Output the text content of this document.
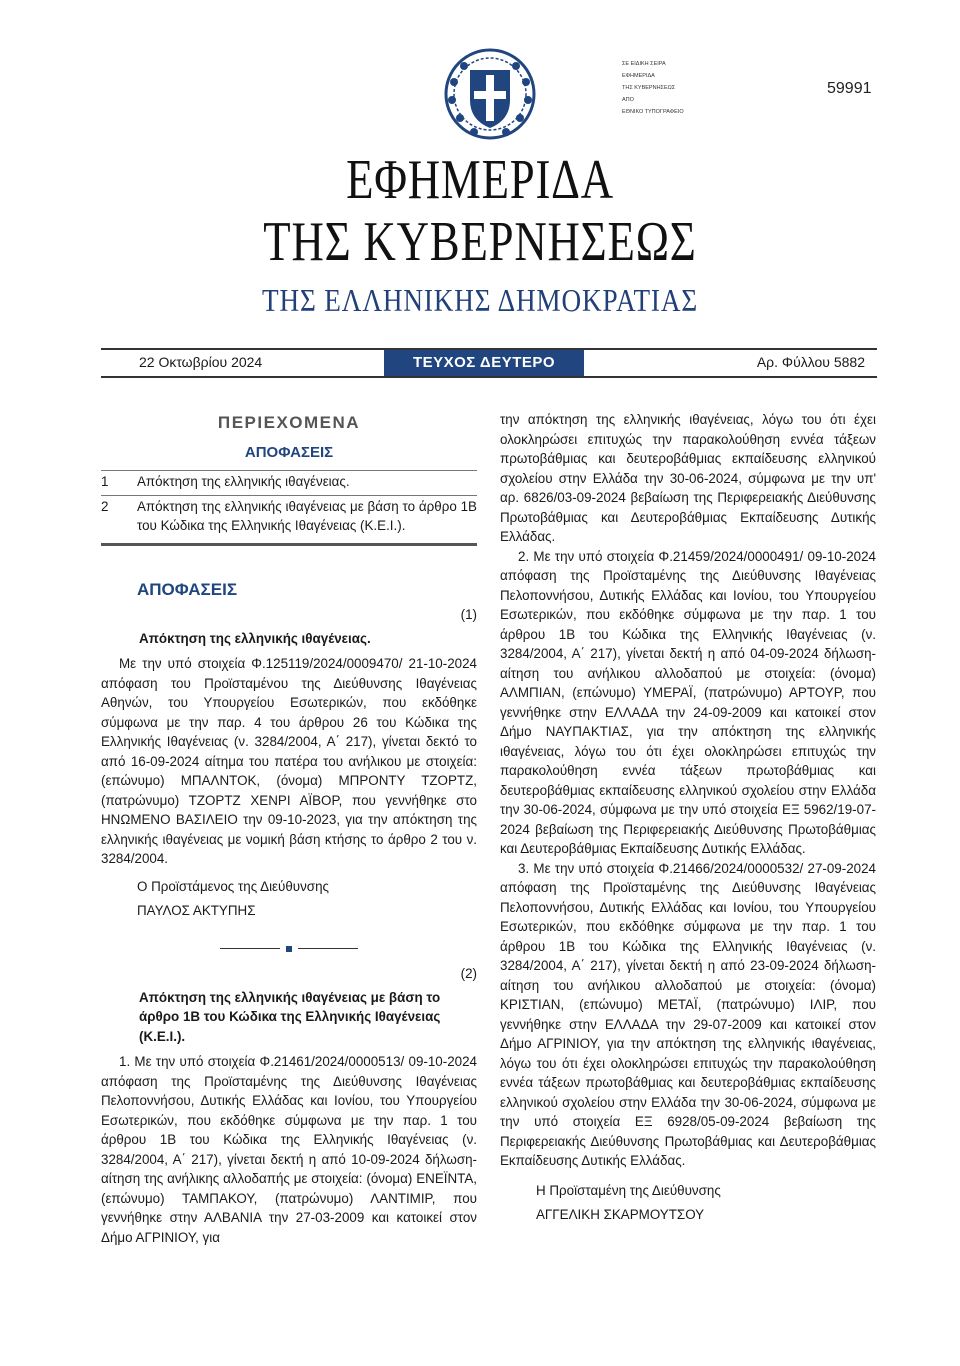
ΣΕ ΕΙΔΙΚΗ ΣΕΙΡΑ
ΕΦΗΜΕΡΙΔΑ
ΤΗΣ ΚΥΒΕΡΝΗΣΕΩΣ
ΑΠΟ
ΕΘΝΙΚΟ ΤΥΠΟΓΡΑΦΕΙΟ
59991
ΕΦΗΜΕΡΙΔΑ
ΤΗΣ ΚΥΒΕΡΝΗΣΕΩΣ
ΤΗΣ ΕΛΛΗΝΙΚΗΣ ΔΗΜΟΚΡΑΤΙΑΣ
22 Οκτωβρίου 2024	ΤΕΥΧΟΣ ΔΕΥΤΕΡΟ	Αρ. Φύλλου 5882
ΠΕΡΙΕΧΟΜΕΝΑ
ΑΠΟΦΑΣΕΙΣ
1	Απόκτηση της ελληνικής ιθαγένειας.
2	Απόκτηση της ελληνικής ιθαγένειας με βάση το άρθρο 1Β του Κώδικα της Ελληνικής Ιθαγένειας (Κ.Ε.Ι.).
ΑΠΟΦΑΣΕΙΣ
(1)
Απόκτηση της ελληνικής ιθαγένειας.
Με την υπό στοιχεία Φ.125119/2024/0009470/ 21-10-2024 απόφαση του Προϊσταμένου της Διεύθυνσης Ιθαγένειας Αθηνών, του Υπουργείου Εσωτερικών, που εκδόθηκε σύμφωνα με την παρ. 4 του άρθρου 26 του Κώδικα της Ελληνικής Ιθαγένειας (ν. 3284/2004, Α΄ 217), γίνεται δεκτό το από 16-09-2024 αίτημα του πατέρα του ανήλικου με στοιχεία: (επώνυμο) ΜΠΑΛΝΤΟΚ, (όνομα) ΜΠΡΟΝΤΥ ΤΖΟΡΤΖ, (πατρώνυμο) ΤΖΟΡΤΖ ΧΕΝΡΙ ΑΪΒΟΡ, που γεννήθηκε στο ΗΝΩΜΕΝΟ ΒΑΣΙΛΕΙΟ την 09-10-2023, για την απόκτηση της ελληνικής ιθαγένειας με νομική βάση κτήσης το άρθρο 2 του ν. 3284/2004.
Ο Προϊστάμενος της Διεύθυνσης
ΠΑΥΛΟΣ ΑΚΤΥΠΗΣ
(2)
Απόκτηση της ελληνικής ιθαγένειας με βάση το άρθρο 1Β του Κώδικα της Ελληνικής Ιθαγένειας (Κ.Ε.Ι.).
1. Με την υπό στοιχεία Φ.21461/2024/0000513/ 09-10-2024 απόφαση της Προϊσταμένης της Διεύθυνσης Ιθαγένειας Πελοποννήσου, Δυτικής Ελλάδας και Ιονίου, του Υπουργείου Εσωτερικών, που εκδόθηκε σύμφωνα με την παρ. 1 του άρθρου 1Β του Κώδικα της Ελληνικής Ιθαγένειας (ν. 3284/2004, Α΄ 217), γίνεται δεκτή η από 10-09-2024 δήλωση-αίτηση της ανήλικης αλλοδαπής με στοιχεία: (όνομα) ΕΝΕΪΝΤΑ, (επώνυμο) ΤΑΜΠΑΚΟΥ, (πατρώνυμο) ΛΑΝΤΙΜΙΡ, που γεννήθηκε στην ΑΛΒΑΝΙΑ την 27-03-2009 και κατοικεί στον Δήμο ΑΓΡΙΝΙΟΥ, για
την απόκτηση της ελληνικής ιθαγένειας, λόγω του ότι έχει ολοκληρώσει επιτυχώς την παρακολούθηση εννέα τάξεων πρωτοβάθμιας και δευτεροβάθμιας εκπαίδευσης ελληνικού σχολείου στην Ελλάδα την 30-06-2024, σύμφωνα με την υπ' αρ. 6826/03-09-2024 βεβαίωση της Περιφερειακής Διεύθυνσης Πρωτοβάθμιας και Δευτεροβάθμιας Εκπαίδευσης Δυτικής Ελλάδας.
2. Με την υπό στοιχεία Φ.21459/2024/0000491/ 09-10-2024 απόφαση της Προϊσταμένης της Διεύθυνσης Ιθαγένειας Πελοποννήσου, Δυτικής Ελλάδας και Ιονίου, του Υπουργείου Εσωτερικών, που εκδόθηκε σύμφωνα με την παρ. 1 του άρθρου 1Β του Κώδικα της Ελληνικής Ιθαγένειας (ν. 3284/2004, Α΄ 217), γίνεται δεκτή η από 04-09-2024 δήλωση-αίτηση του ανήλικου αλλοδαπού με στοιχεία: (όνομα) ΑΛΜΠΙΑΝ, (επώνυμο) ΥΜΕΡΑΪ, (πατρώνυμο) ΑΡΤΟΥΡ, που γεννήθηκε στην ΕΛΛΑΔΑ την 24-09-2009 και κατοικεί στον Δήμο ΝΑΥΠΑΚΤΙΑΣ, για την απόκτηση της ελληνικής ιθαγένειας, λόγω του ότι έχει ολοκληρώσει επιτυχώς την παρακολούθηση εννέα τάξεων πρωτοβάθμιας και δευτεροβάθμιας εκπαίδευσης ελληνικού σχολείου στην Ελλάδα την 30-06-2024, σύμφωνα με την υπό στοιχεία ΕΞ 5962/19-07-2024 βεβαίωση της Περιφερειακής Διεύθυνσης Πρωτοβάθμιας και Δευτεροβάθμιας Εκπαίδευσης Δυτικής Ελλάδας.
3. Με την υπό στοιχεία Φ.21466/2024/0000532/ 27-09-2024 απόφαση της Προϊσταμένης της Διεύθυνσης Ιθαγένειας Πελοποννήσου, Δυτικής Ελλάδας και Ιονίου, του Υπουργείου Εσωτερικών, που εκδόθηκε σύμφωνα με την παρ. 1 του άρθρου 1Β του Κώδικα της Ελληνικής Ιθαγένειας (ν. 3284/2004, Α΄ 217), γίνεται δεκτή η από 23-09-2024 δήλωση-αίτηση του ανήλικου αλλοδαπού με στοιχεία: (όνομα) ΚΡΙΣΤΙΑΝ, (επώνυμο) ΜΕΤΑΪ, (πατρώνυμο) ΙΛΙΡ, που γεννήθηκε στην ΕΛΛΑΔΑ την 29-07-2009 και κατοικεί στον Δήμο ΑΓΡΙΝΙΟΥ, για την απόκτηση της ελληνικής ιθαγένειας, λόγω του ότι έχει ολοκληρώσει επιτυχώς την παρακολούθηση εννέα τάξεων πρωτοβάθμιας και δευτεροβάθμιας εκπαίδευσης ελληνικού σχολείου στην Ελλάδα την 30-06-2024, σύμφωνα με την υπό στοιχεία ΕΞ 6928/05-09-2024 βεβαίωση της Περιφερειακής Διεύθυνσης Πρωτοβάθμιας και Δευτεροβάθμιας Εκπαίδευσης Δυτικής Ελλάδας.
Η Προϊσταμένη της Διεύθυνσης
ΑΓΓΕΛΙΚΗ ΣΚΑΡΜΟΥΤΣΟΥ
